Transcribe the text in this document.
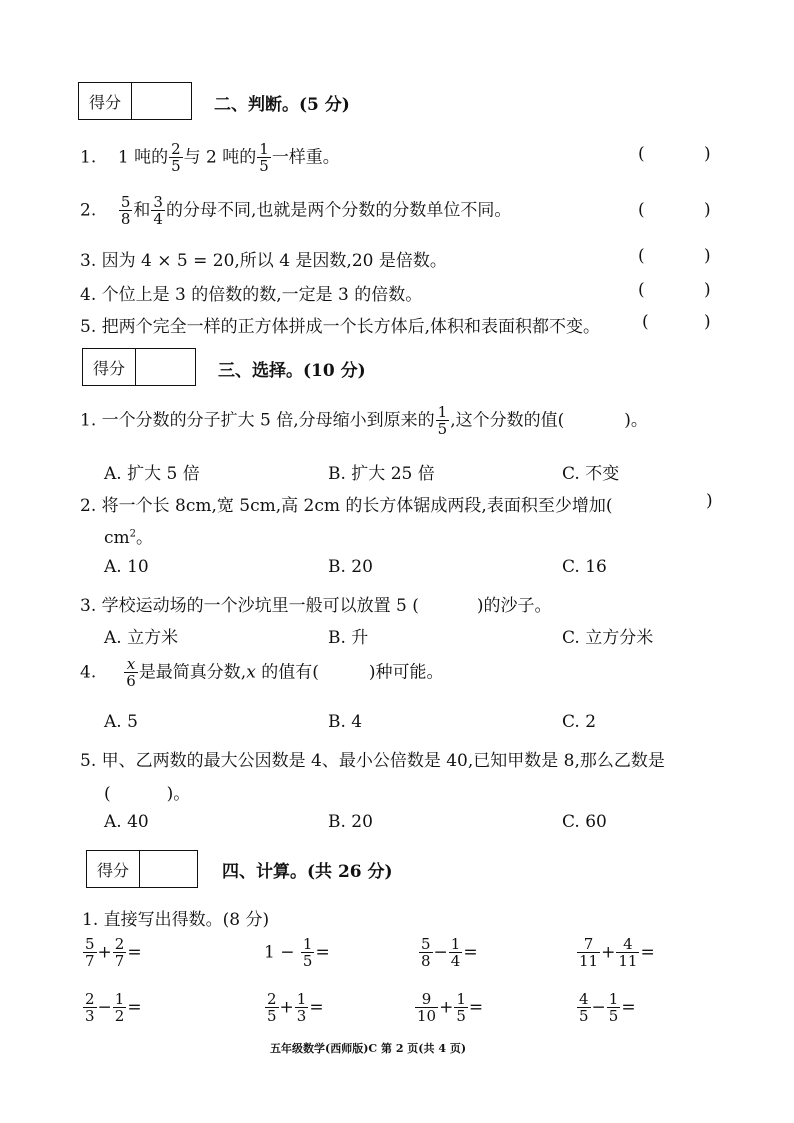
得分	二、判断。(5 分)
1. 1 吨的 $\frac{2}{5}$ 与 2 吨的 $\frac{1}{5}$ 一样重。
2. $\frac{5}{8}$ 和 $\frac{3}{4}$ 的分母不同,也就是两个分数的分数单位不同。
3. 因为 4 × 5 = 20,所以 4 是因数,20 是倍数。
4. 个位上是 3 的倍数的数,一定是 3 的倍数。
5. 把两个完全一样的正方体拼成一个长方体后,体积和表面积都不变。
(	)
(	)
(	)
(	)
(	)
得分	三、选择。(10 分)
1. 一个分数的分子扩大 5 倍,分母缩小到原来的 $\frac{1}{5}$ ,这个分数的值(	)。
A. 扩大 5 倍	B. 扩大 25 倍	C. 不变
2. 将一个长 8cm,宽 5cm,高 2cm 的长方体锯成两段,表面积至少增加(	)
$cm^2$。
A. 10	B. 20	C. 16
3. 学校运动场的一个沙坑里一般可以放置 5 (	)的沙子。
A. 立方米	B. 升	C. 立方分米
4. $\frac{x}{6}$ 是最简真分数,x 的值有(	)种可能。
A. 5	B. 4	C. 2
5. 甲、乙两数的最大公因数是 4、最小公倍数是 40,已知甲数是 8,那么乙数是
(	)。
A. 40	B. 20	C. 60
得分	四、计算。(共 26 分)
1. 直接写出得数。(8 分)
$\frac{5}{7} + \frac{2}{7}$ =	$1 - \frac{1}{5}$ =	$\frac{5}{8} - \frac{1}{4}$ =	$\frac{7}{11} + \frac{4}{11}$ =
$\frac{2}{3} - \frac{1}{2}$ =	$\frac{2}{5} + \frac{1}{3}$ =	$\frac{9}{10} + \frac{1}{5}$ =	$\frac{4}{5} - \frac{1}{5}$ =
五年级数学(西师版)C 第 2 页(共 4 页)
